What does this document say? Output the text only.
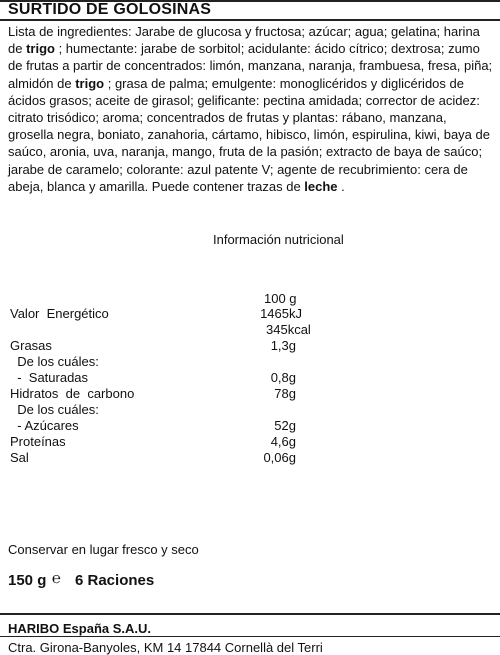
SURTIDO DE GOLOSINAS
Lista de ingredientes: Jarabe de glucosa y fructosa; azúcar; agua; gelatina; harina de trigo ; humectante: jarabe de sorbitol; acidulante: ácido cítrico; dextrosa; zumo de frutas a partir de concentrados: limón, manzana, naranja, frambuesa, fresa, piña; almidón de trigo ; grasa de palma; emulgente: monoglicéridos y diglicéridos de ácidos grasos; aceite de girasol; gelificante: pectina amidada; corrector de acidez: citrato trisódico; aroma; concentrados de frutas y plantas: rábano, manzana, grosella negra, boniato, zanahoria, cártamo, hibisco, limón, espirulina, kiwi, baya de saúco, aronia, uva, naranja, mango, fruta de la pasión; extracto de baya de saúco; jarabe de caramelo; colorante: azul patente V; agente de recubrimiento: cera de abeja, blanca y amarilla. Puede contener trazas de leche .
Información nutricional
100 g
Valor  Energético	1465 kJ
345kcal
Grasas	1,3g
De los cuáles:
-  Saturadas	0,8g
Hidratos  de  carbono	78g
De los cuáles:
- Azúcares	52g
Proteínas	4,6g
Sal	0,06g
Conservar en lugar fresco y seco
150 g ℮ 6 Raciones
HARIBO España S.A.U.
Ctra. Girona-Banyoles, KM 14 17844 Cornellà del Terri
